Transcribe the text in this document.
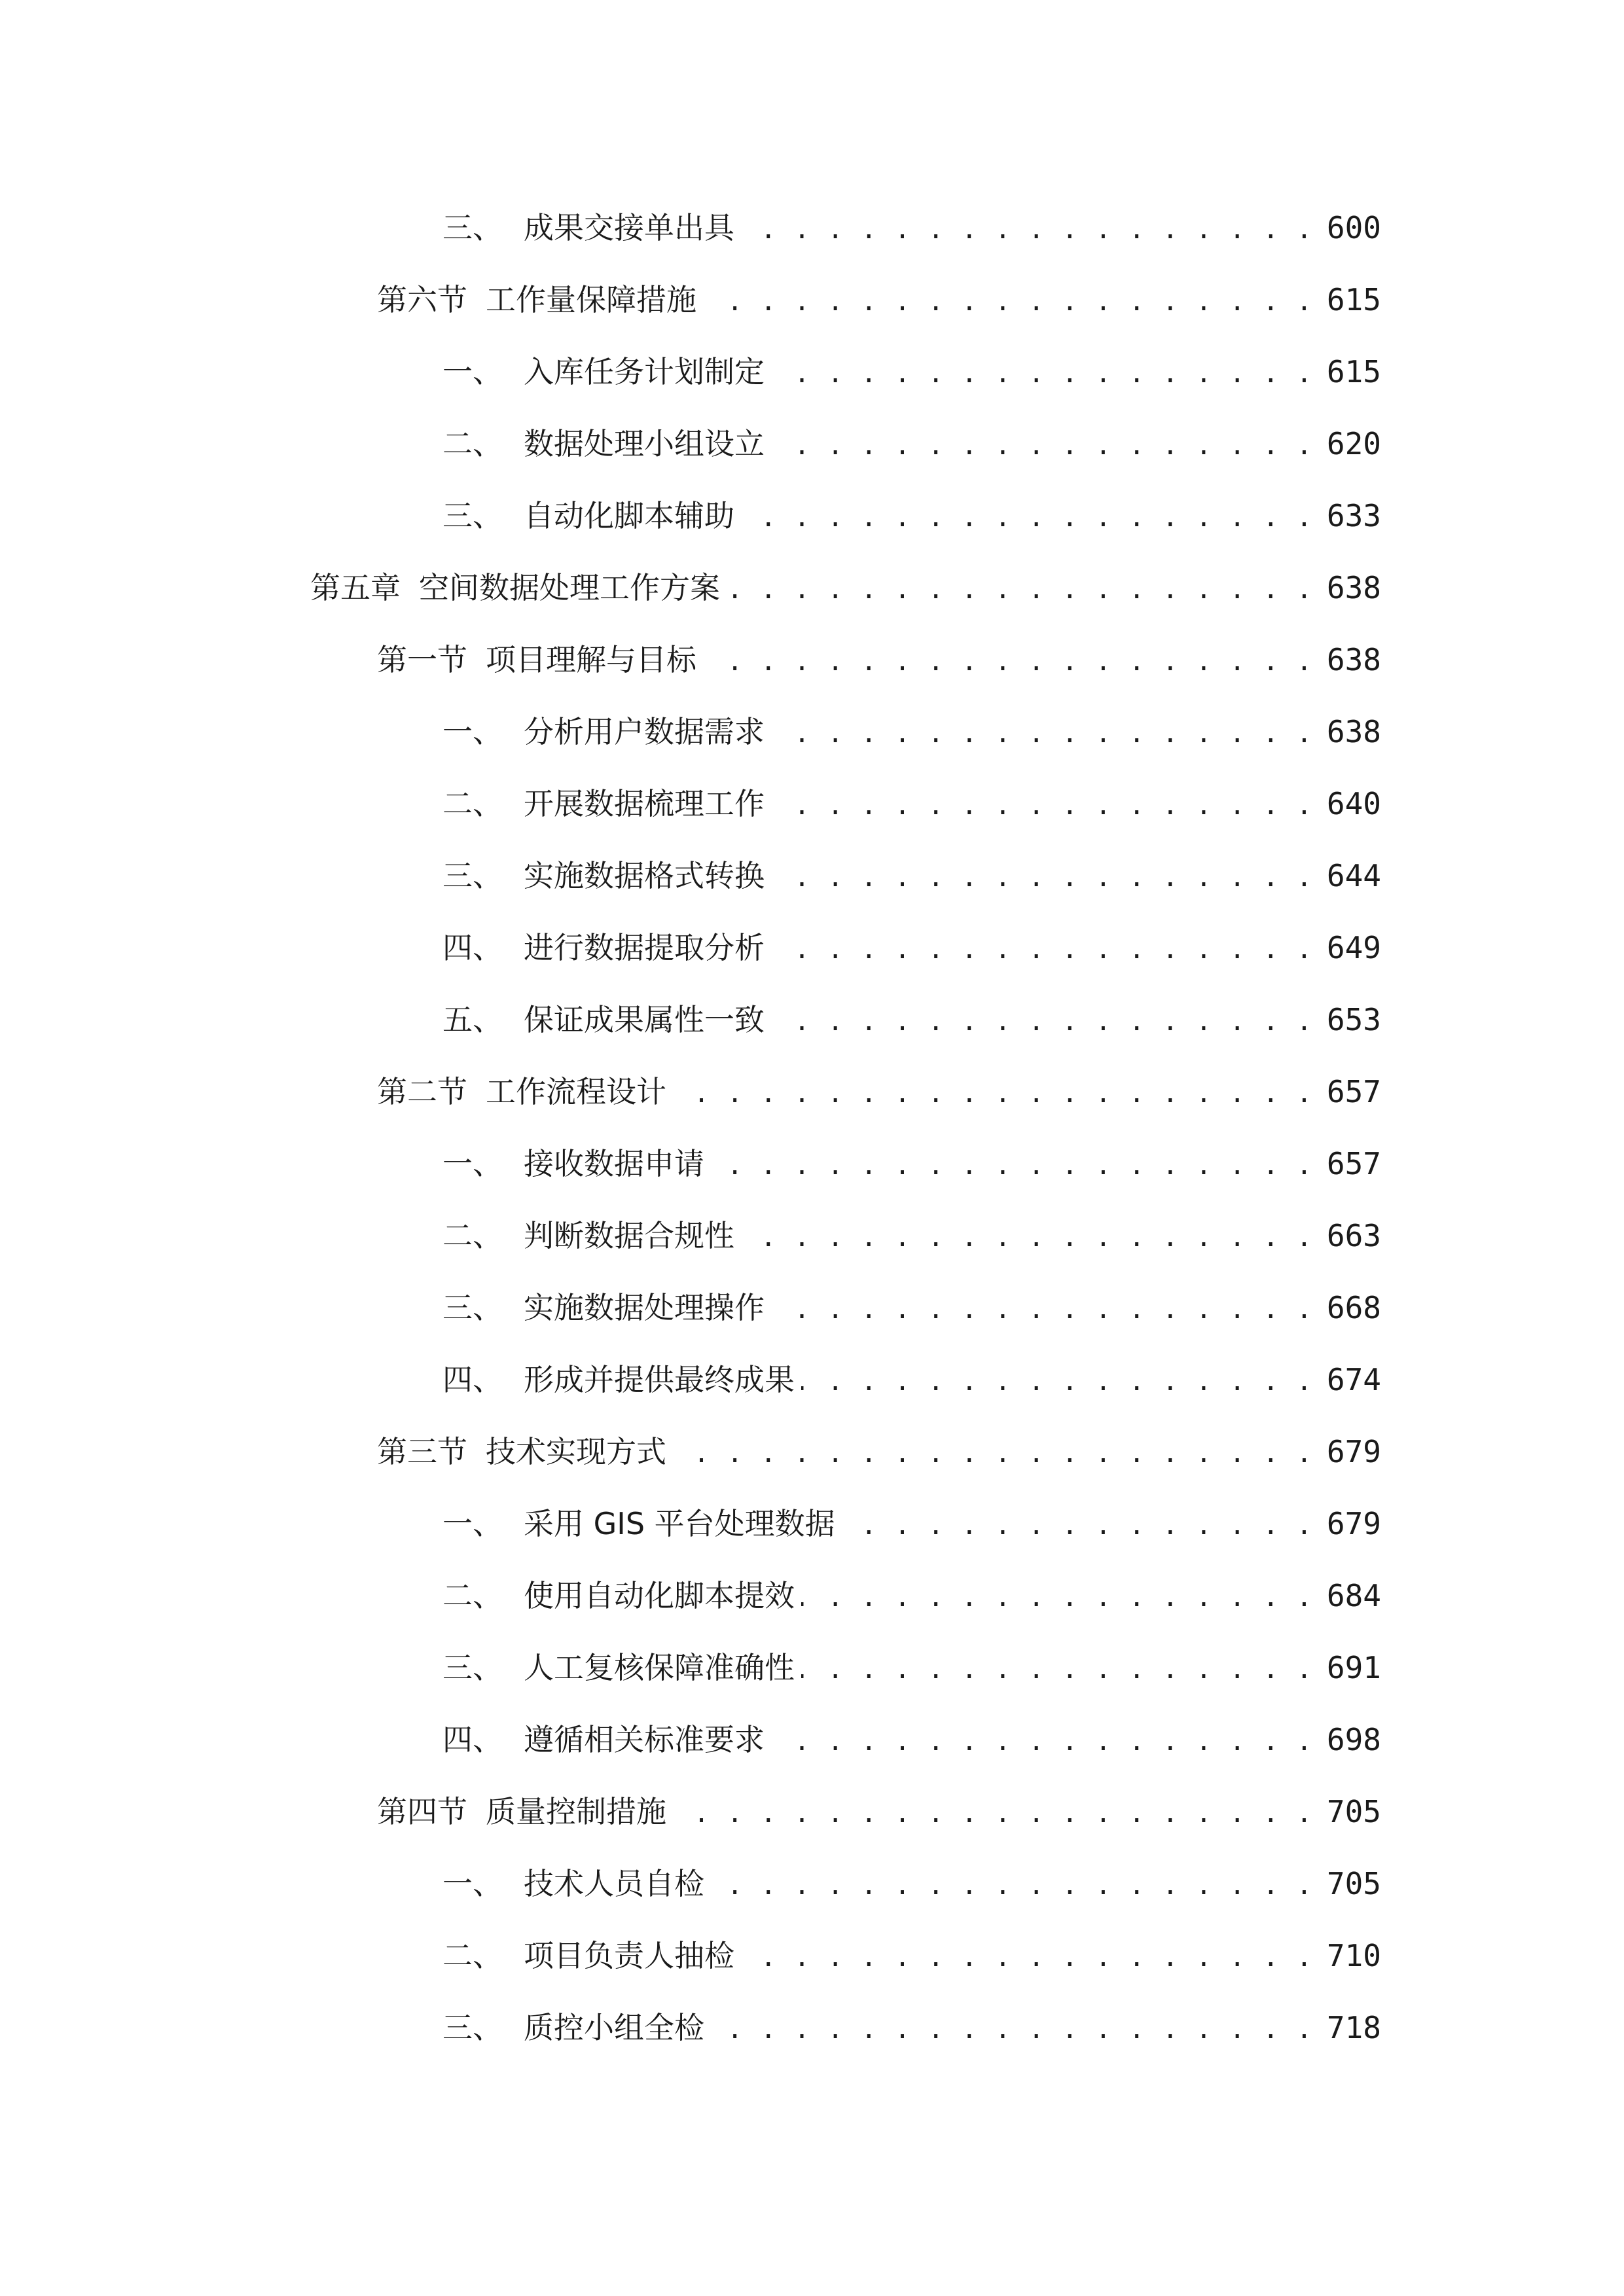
三、 成果交接单出具 . . .	600
第六节 工作量保障措施 . . .	615
一、 入库任务计划制定 . . .	615
二、 数据处理小组设立 . . .	620
三、 自动化脚本辅助 . . .	633
第五章 空间数据处理工作方案 . . .	638
第一节 项目理解与目标 . . .	638
一、 分析用户数据需求 . . .	638
二、 开展数据梳理工作 . . .	640
三、 实施数据格式转换 . . .	644
四、 进行数据提取分析 . . .	649
五、 保证成果属性一致 . . .	653
第二节 工作流程设计 . . .	657
一、 接收数据申请 . . .	657
二、 判断数据合规性 . . .	663
三、 实施数据处理操作 . . .	668
四、 形成并提供最终成果 . . .	674
第三节 技术实现方式 . . .	679
一、 采用 GIS 平台处理数据 . . .	679
二、 使用自动化脚本提效 . . .	684
三、 人工复核保障准确性 . . .	691
四、 遵循相关标准要求 . . .	698
第四节 质量控制措施 . . .	705
一、 技术人员自检 . . .	705
二、 项目负责人抽检 . . .	710
三、 质控小组全检 . . .	718
